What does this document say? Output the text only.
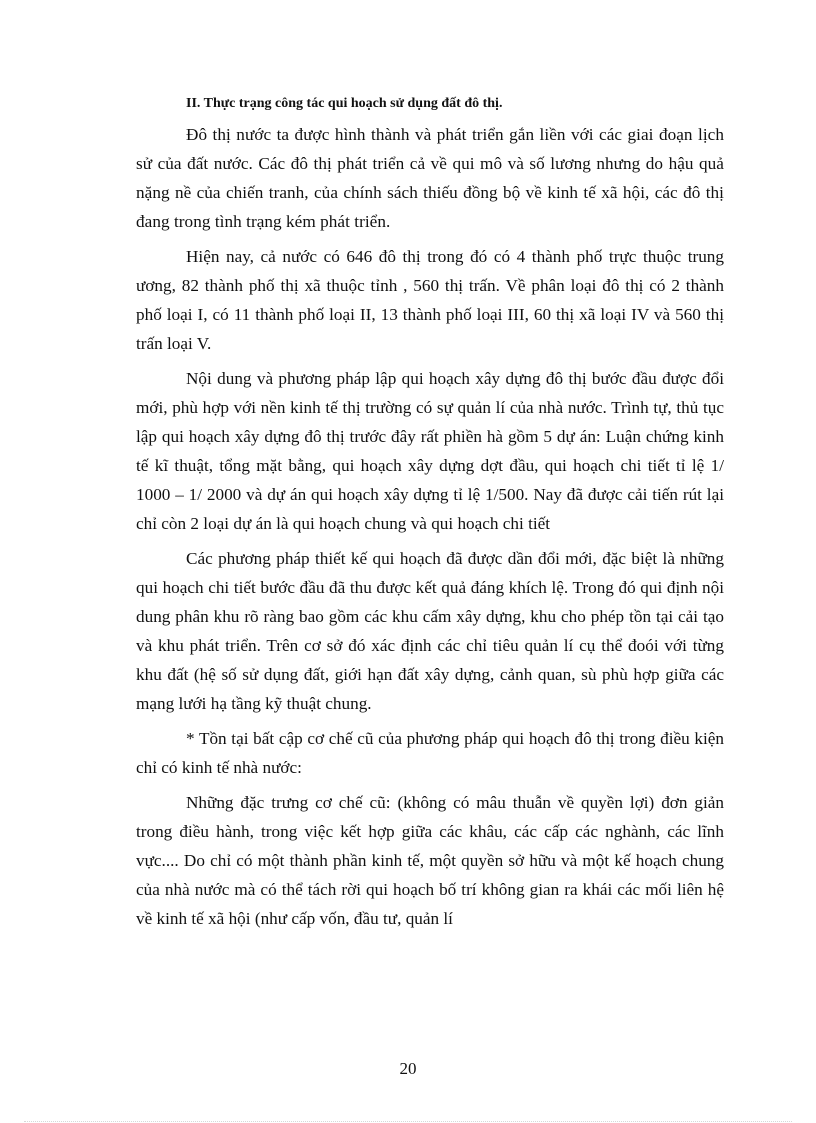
II. Thực trạng công tác qui hoạch sử dụng đất đô thị.

Đô thị nước ta được hình thành và phát triển gắn liền với các giai đoạn lịch sử của đất nước. Các đô thị phát triển cả về qui mô và số lương nhưng do hậu quả nặng nề của chiến tranh, của chính sách thiếu đồng bộ về kinh tế xã hội, các đô thị đang trong tình trạng kém phát triển.

Hiện nay, cả nước có 646 đô thị trong đó có 4 thành phố trực thuộc trung ương, 82 thành phố thị xã thuộc tỉnh , 560 thị trấn. Về phân loại đô thị có 2 thành phố loại I, có 11 thành phố loại II, 13 thành phố loại III, 60 thị xã loại IV và 560 thị trấn loại V.

Nội dung và phương pháp lập qui hoạch xây dựng đô thị bước đầu được đổi mới, phù hợp với nền kinh tế thị trường có sự quản lí của nhà nước. Trình tự, thủ tục lập qui hoạch xây dựng đô thị trước đây rất phiền hà gồm 5 dự án: Luận chứng kinh tế kĩ thuật, tổng mặt bằng, qui hoạch xây dựng dợt đầu, qui hoạch chi tiết tỉ lệ 1/ 1000 – 1/ 2000 và dự án qui hoạch xây dựng tỉ lệ 1/500. Nay đã được cải tiến rút lại chỉ còn 2 loại dự án là qui hoạch chung và qui hoạch chi tiết

Các phương pháp thiết kế qui hoạch đã được dần đổi mới, đặc biệt là những qui hoạch chi tiết bước đầu đã thu được kết quả đáng khích lệ. Trong đó qui định nội dung phân khu rõ ràng bao gồm các khu cấm xây dựng, khu cho phép tồn tại cải tạo và khu phát triển. Trên cơ sở đó xác định các chỉ tiêu quản lí cụ thể đoói với từng khu đất (hệ số sử dụng đất, giới hạn đất xây dựng, cảnh quan, sù phù hợp giữa các mạng lưới hạ tầng kỹ thuật chung.

* Tồn tại bất cập cơ chế cũ của phương pháp qui hoạch đô thị trong điều kiện chỉ có kinh tế nhà nước:

Những đặc trưng cơ chế cũ: (không có mâu thuẫn về quyền lợi) đơn giản trong điều hành, trong việc kết hợp giữa các khâu, các cấp các nghành, các lĩnh vực.... Do chỉ có một thành phần kinh tế, một quyền sở hữu và một kế hoạch chung của nhà nước mà có thể tách rời qui hoạch bố trí không gian ra khái các mối liên hệ về kinh tế xã hội (như cấp vốn, đầu tư, quản lí

20
